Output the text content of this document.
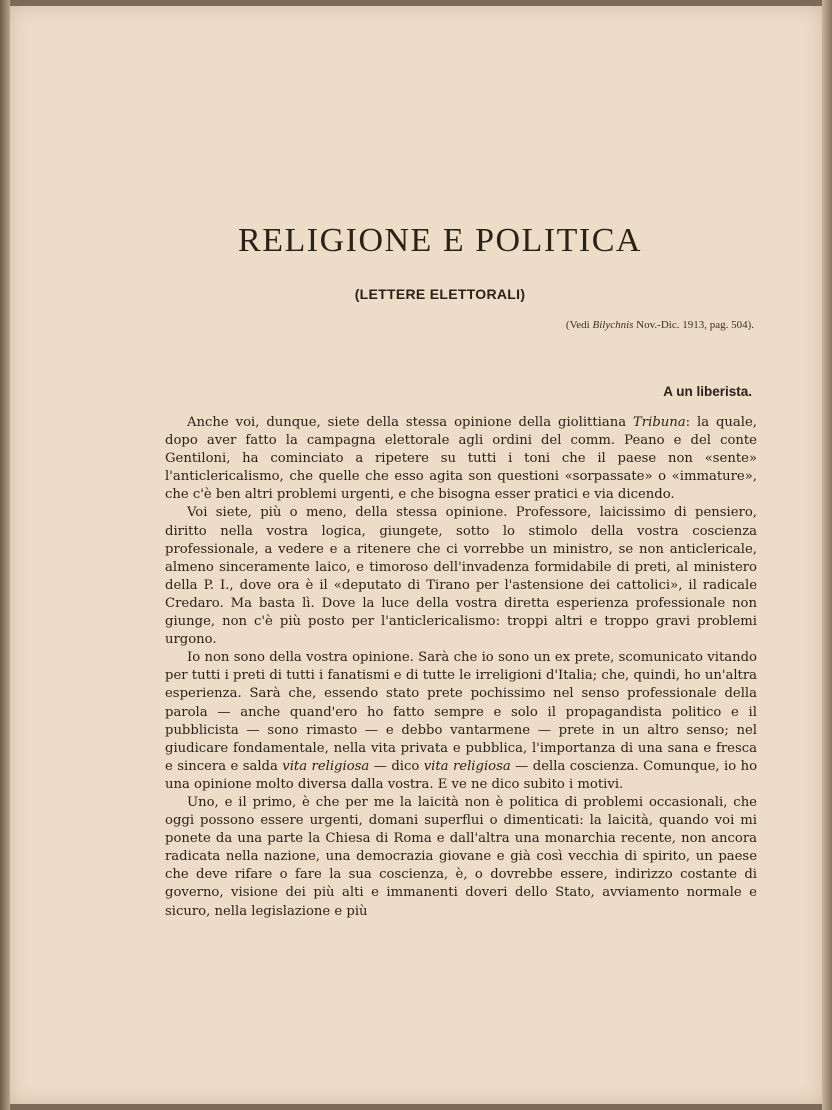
RELIGIONE E POLITICA
(LETTERE ELETTORALI)
(Vedi Bilychnis Nov.-Dic. 1913, pag. 504).
A un liberista.

Anche voi, dunque, siete della stessa opinione della giolittiana Tribuna: la quale, dopo aver fatto la campagna elettorale agli ordini del comm. Peano e del conte Gentiloni, ha cominciato a ripetere su tutti i toni che il paese non «sente» l'anticlericalismo, che quelle che esso agita son questioni «sorpassate» o «immature», che c'è ben altri problemi urgenti, e che bisogna esser pratici e via dicendo.

Voi siete, più o meno, della stessa opinione. Professore, laicissimo di pensiero, diritto nella vostra logica, giungete, sotto lo stimolo della vostra coscienza professionale, a vedere e a ritenere che ci vorrebbe un ministro, se non anticlericale, almeno sinceramente laico, e timoroso dell'invadenza formidabile di preti, al ministero della P. I., dove ora è il «deputato di Tirano per l'astensione dei cattolici», il radicale Credaro. Ma basta lì. Dove la luce della vostra diretta esperienza professionale non giunge, non c'è più posto per l'anticlericalismo: troppi altri e troppo gravi problemi urgono.

Io non sono della vostra opinione. Sarà che io sono un ex prete, scomunicato vitando per tutti i preti di tutti i fanatismi e di tutte le irreligioni d'Italia; che, quindi, ho un'altra esperienza. Sarà che, essendo stato prete pochissimo nel senso professionale della parola — anche quand'ero ho fatto sempre e solo il propagandista politico e il pubblicista — sono rimasto — e debbo vantarmene — prete in un altro senso; nel giudicare fondamentale, nella vita privata e pubblica, l'importanza di una sana e fresca e sincera e salda vita religiosa — dico vita religiosa — della coscienza. Comunque, io ho una opinione molto diversa dalla vostra. E ve ne dico subito i motivi.

Uno, e il primo, è che per me la laicità non è politica di problemi occasionali, che oggi possono essere urgenti, domani superflui o dimenticati: la laicità, quando voi mi ponete da una parte la Chiesa di Roma e dall'altra una monarchia recente, non ancora radicata nella nazione, una democrazia giovane e già così vecchia di spirito, un paese che deve rifare o fare la sua coscienza, è, o dovrebbe essere, indirizzo costante di governo, visione dei più alti e immanenti doveri dello Stato, avviamento normale e sicuro, nella legislazione e più
